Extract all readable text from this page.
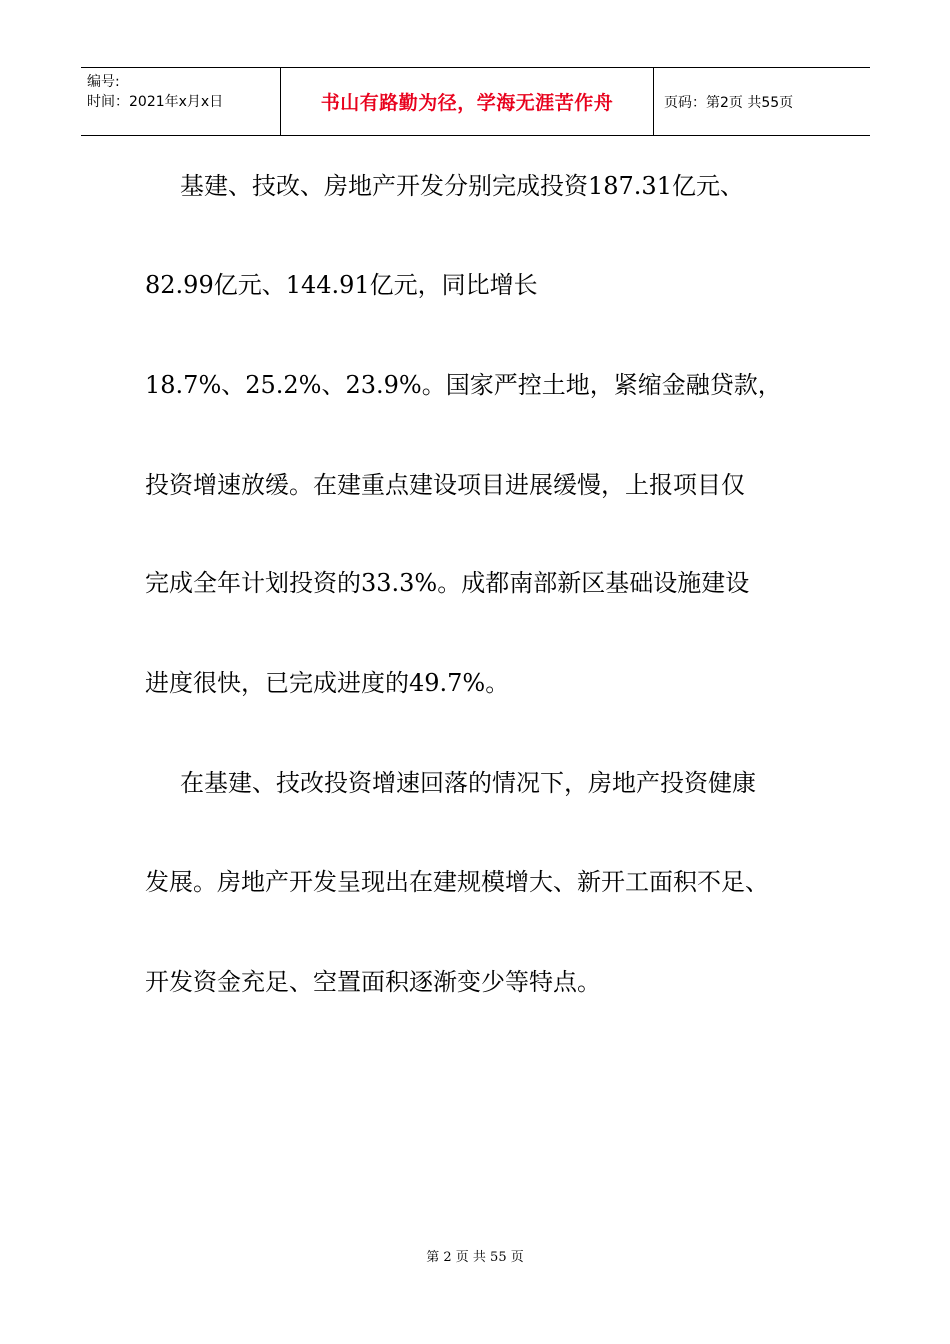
编号:
时间：2021年x月x日	书山有路勤为径，学海无涯苦作舟	页码：第2页 共55页
基建、技改、房地产开发分别完成投资187.31亿元、
82.99亿元、144.91亿元，同比增长
18.7%、25.2%、23.9%。国家严控土地，紧缩金融贷款，
投资增速放缓。在建重点建设项目进展缓慢，上报项目仅
完成全年计划投资的33.3%。成都南部新区基础设施建设
进度很快，已完成进度的49.7%。
在基建、技改投资增速回落的情况下，房地产投资健康
发展。房地产开发呈现出在建规模增大、新开工面积不足、
开发资金充足、空置面积逐渐变少等特点。
第 2 页 共 55 页
